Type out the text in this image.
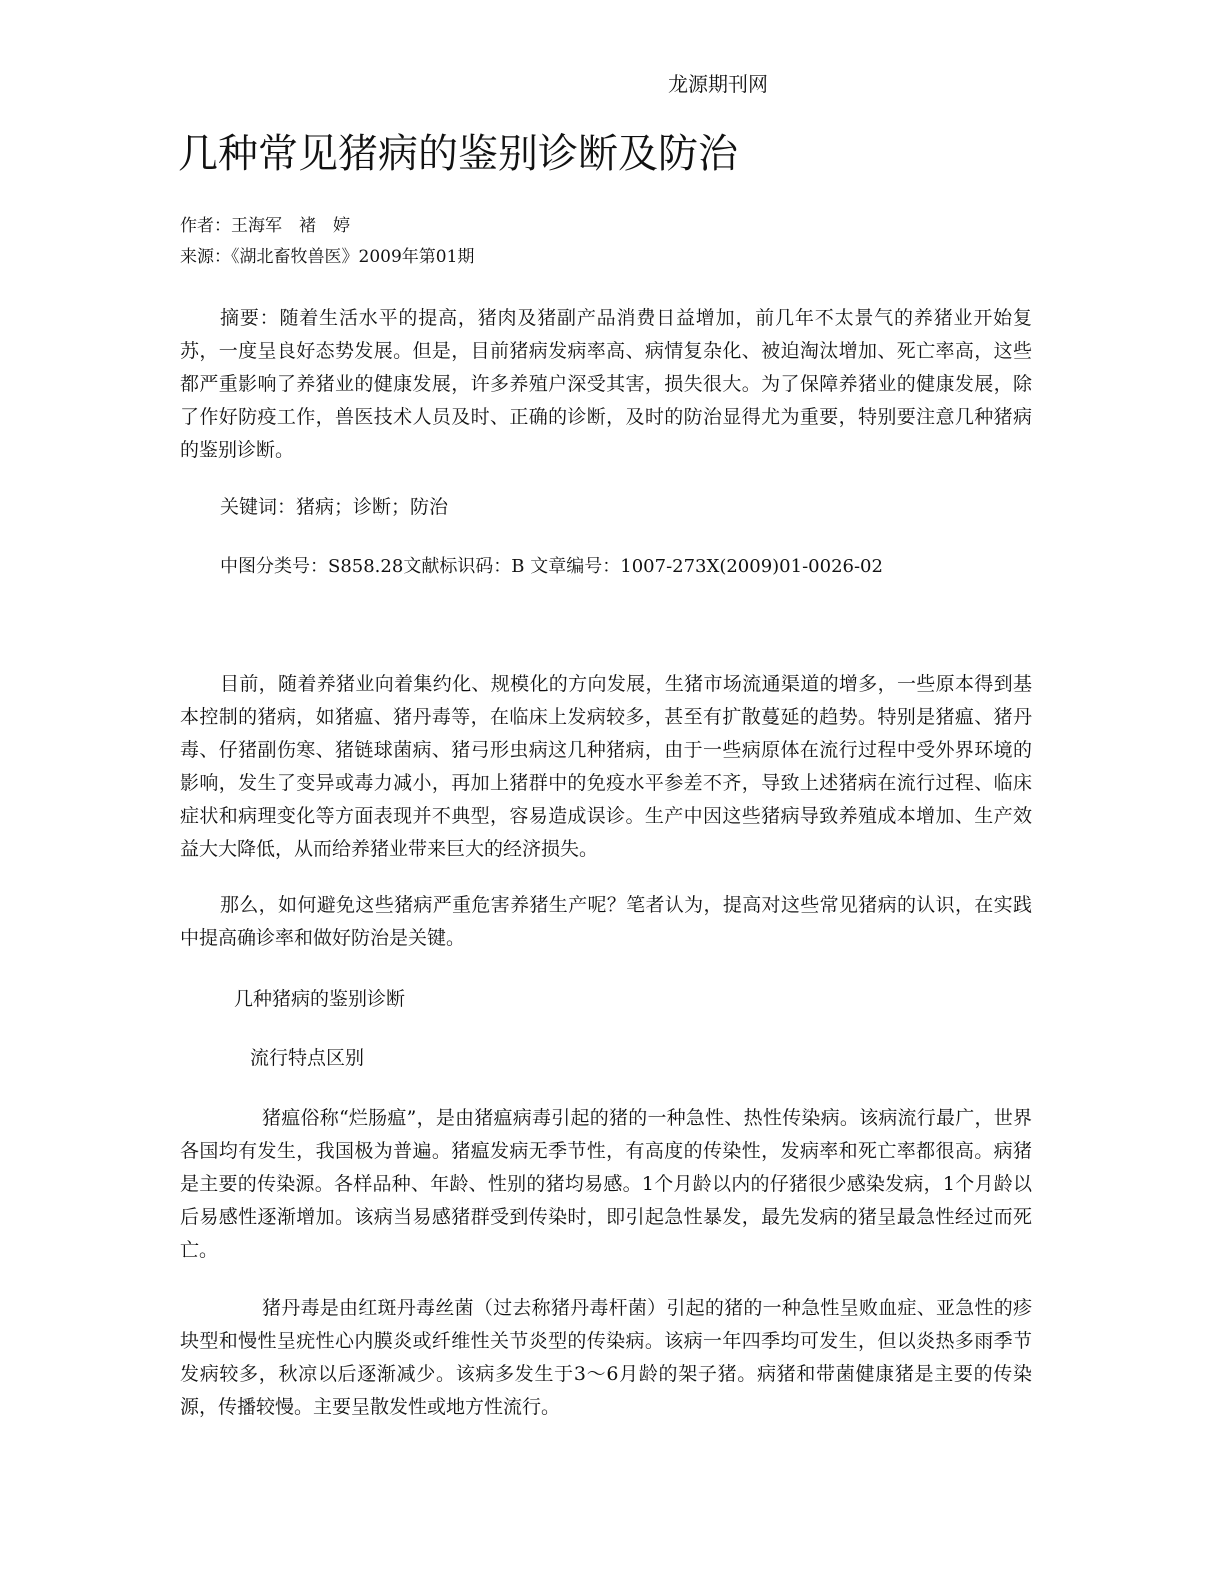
龙源期刊网
几种常见猪病的鉴别诊断及防治
作者：王海军　褚　婷
来源：《湖北畜牧兽医》2009年第01期

摘要：随着生活水平的提高，猪肉及猪副产品消费日益增加，前几年不太景气的养猪业开始复苏，一度呈良好态势发展。但是，目前猪病发病率高、病情复杂化、被迫淘汰增加、死亡率高，这些都严重影响了养猪业的健康发展，许多养殖户深受其害，损失很大。为了保障养猪业的健康发展，除了作好防疫工作，兽医技术人员及时、正确的诊断，及时的防治显得尤为重要，特别要注意几种猪病的鉴别诊断。

关键词：猪病；诊断；防治
中图分类号：S858.28文献标识码：B 文章编号：1007-273X(2009)01-0026-02

目前，随着养猪业向着集约化、规模化的方向发展，生猪市场流通渠道的增多，一些原本得到基本控制的猪病，如猪瘟、猪丹毒等，在临床上发病较多，甚至有扩散蔓延的趋势。特别是猪瘟、猪丹毒、仔猪副伤寒、猪链球菌病、猪弓形虫病这几种猪病，由于一些病原体在流行过程中受外界环境的影响，发生了变异或毒力减小，再加上猪群中的免疫水平参差不齐，导致上述猪病在流行过程、临床症状和病理变化等方面表现并不典型，容易造成误诊。生产中因这些猪病导致养殖成本增加、生产效益大大降低，从而给养猪业带来巨大的经济损失。

那么，如何避免这些猪病严重危害养猪生产呢？笔者认为，提高对这些常见猪病的认识，在实践中提高确诊率和做好防治是关键。

几种猪病的鉴别诊断
流行特点区别

猪瘟俗称“烂肠瘟”，是由猪瘟病毒引起的猪的一种急性、热性传染病。该病流行最广，世界各国均有发生，我国极为普遍。猪瘟发病无季节性，有高度的传染性，发病率和死亡率都很高。病猪是主要的传染源。各样品种、年龄、性别的猪均易感。1个月龄以内的仔猪很少感染发病，1个月龄以后易感性逐渐增加。该病当易感猪群受到传染时，即引起急性暴发，最先发病的猪呈最急性经过而死亡。

猪丹毒是由红斑丹毒丝菌（过去称猪丹毒杆菌）引起的猪的一种急性呈败血症、亚急性的疹块型和慢性呈疣性心内膜炎或纤维性关节炎型的传染病。该病一年四季均可发生，但以炎热多雨季节发病较多，秋凉以后逐渐减少。该病多发生于3～6月龄的架子猪。病猪和带菌健康猪是主要的传染源，传播较慢。主要呈散发性或地方性流行。
